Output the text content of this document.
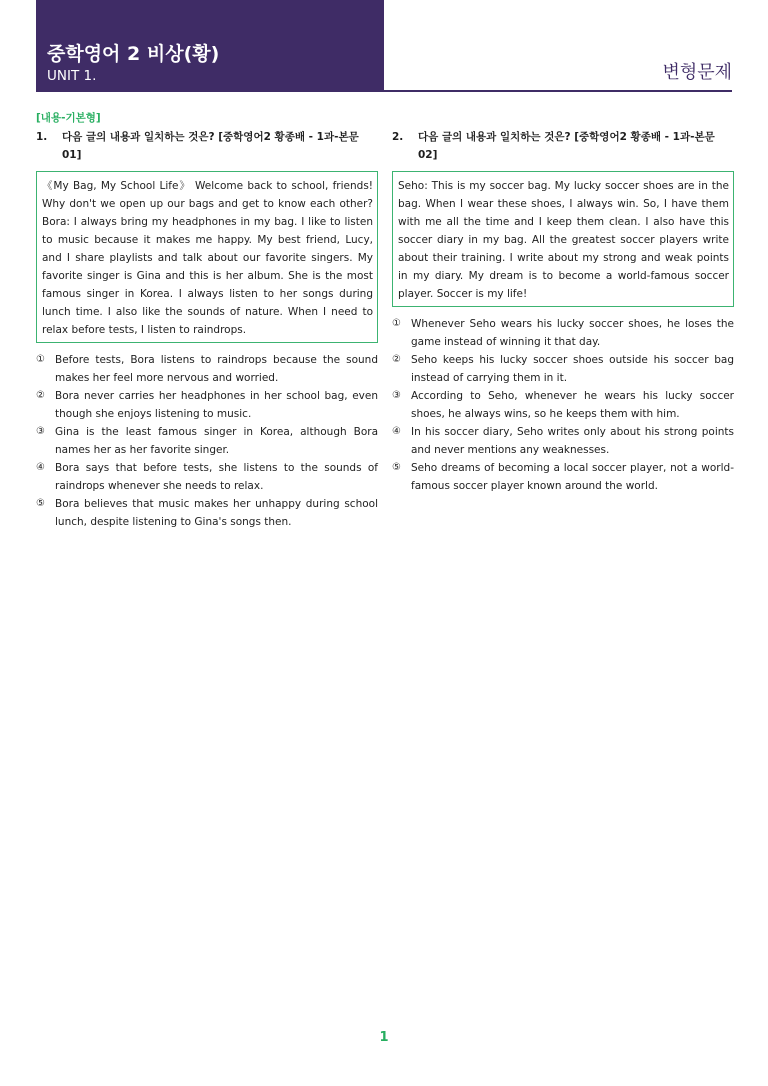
중학영어 2 비상(황)
UNIT 1.	변형문제
[내용-기본형]
1.	다음 글의 내용과 일치하는 것은? [중학영어2 황종배 - 1과-본문 01]
《My Bag, My School Life》 Welcome back to school, friends! Why don't we open up our bags and get to know each other? Bora: I always bring my headphones in my bag. I like to listen to music because it makes me happy. My best friend, Lucy, and I share playlists and talk about our favorite singers. My favorite singer is Gina and this is her album. She is the most famous singer in Korea. I always listen to her songs during lunch time. I also like the sounds of nature. When I need to relax before tests, I listen to raindrops.
① Before tests, Bora listens to raindrops because the sound makes her feel more nervous and worried.
② Bora never carries her headphones in her school bag, even though she enjoys listening to music.
③ Gina is the least famous singer in Korea, although Bora names her as her favorite singer.
④ Bora says that before tests, she listens to the sounds of raindrops whenever she needs to relax.
⑤ Bora believes that music makes her unhappy during school lunch, despite listening to Gina's songs then.
2.	다음 글의 내용과 일치하는 것은? [중학영어2 황종배 - 1과-본문 02]
Seho: This is my soccer bag. My lucky soccer shoes are in the bag. When I wear these shoes, I always win. So, I have them with me all the time and I keep them clean. I also have this soccer diary in my bag. All the greatest soccer players write about their training. I write about my strong and weak points in my diary. My dream is to become a world-famous soccer player. Soccer is my life!
① Whenever Seho wears his lucky soccer shoes, he loses the game instead of winning it that day.
② Seho keeps his lucky soccer shoes outside his soccer bag instead of carrying them in it.
③ According to Seho, whenever he wears his lucky soccer shoes, he always wins, so he keeps them with him.
④ In his soccer diary, Seho writes only about his strong points and never mentions any weaknesses.
⑤ Seho dreams of becoming a local soccer player, not a world-famous soccer player known around the world.
1
